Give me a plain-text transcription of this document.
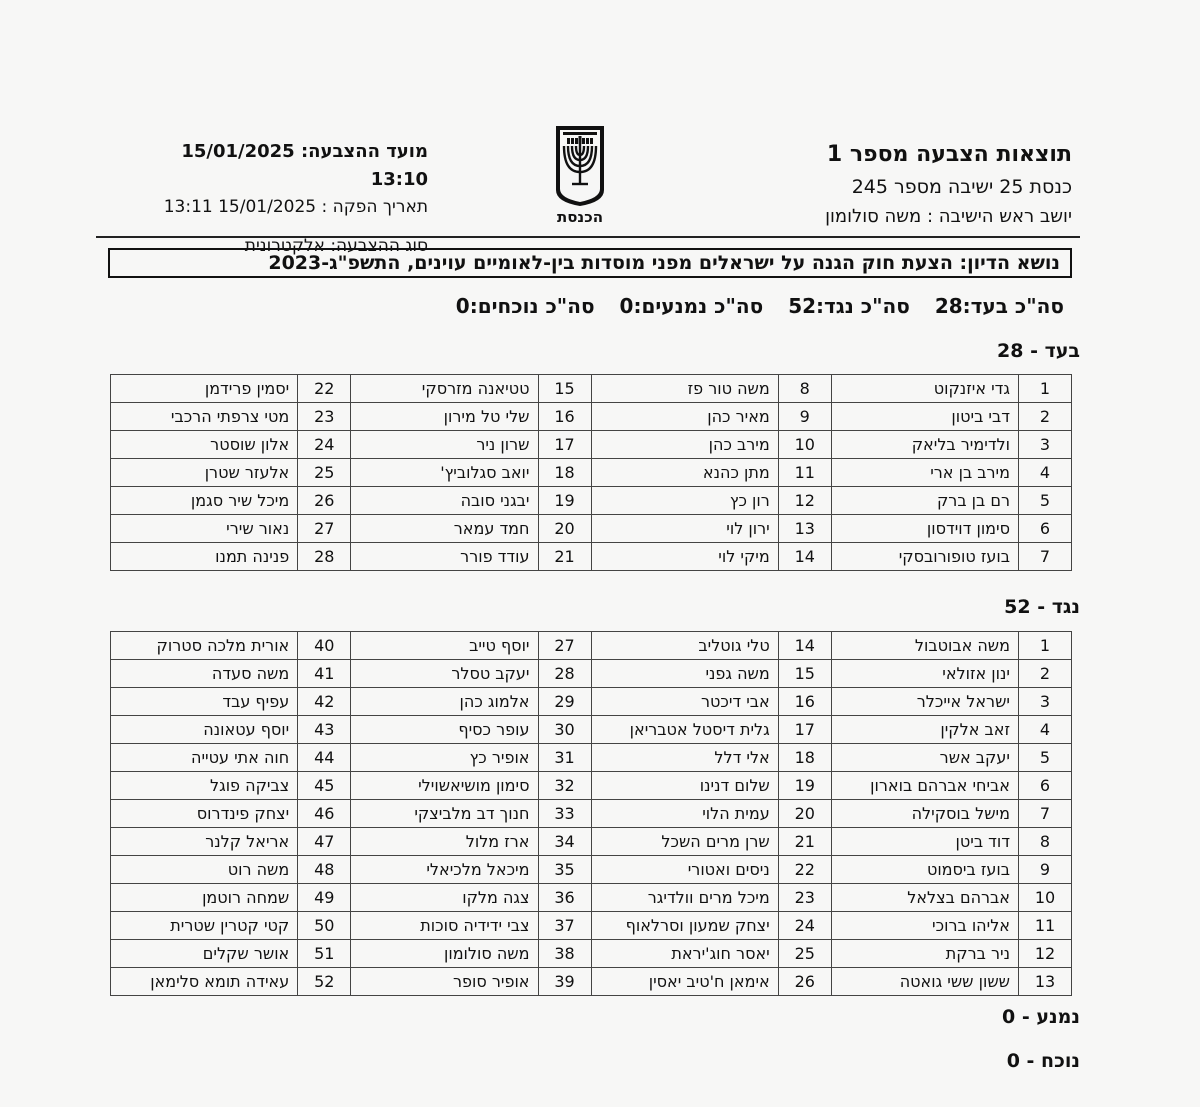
תוצאות הצבעה מספר 1
כנסת 25 ישיבה מספר 245
יושב ראש הישיבה : משה סולומון
הכנסת
מועד ההצבעה: 15/01/2025 13:10
תאריך הפקה : 15/01/2025 13:11
סוג ההצבעה: אלקטרונית
נושא הדיון: הצעת חוק הגנה על ישראלים מפני מוסדות בין-לאומיים עוינים, התשפ"ג-2023
סה"כ בעד:28 סה"כ נגד:52 סה"כ נמנעים:0 סה"כ נוכחים:0
בעד - 28
1	גדי איזנקוט	8	משה טור פז	15	טטיאנה מזרסקי	22	יסמין פרידמן
2	דבי ביטון	9	מאיר כהן	16	שלי טל מירון	23	מטי צרפתי הרכבי
3	ולדימיר בליאק	10	מירב כהן	17	שרון ניר	24	אלון שוסטר
4	מירב בן ארי	11	מתן כהנא	18	יואב סגלוביץ'	25	אלעזר שטרן
5	רם בן ברק	12	רון כץ	19	יבגני סובה	26	מיכל שיר סגמן
6	סימון דוידסון	13	ירון לוי	20	חמד עמאר	27	נאור שירי
7	בועז טופורובסקי	14	מיקי לוי	21	עודד פורר	28	פנינה תמנו
נגד - 52
1	משה אבוטבול	14	טלי גוטליב	27	יוסף טייב	40	אורית מלכה סטרוק
2	ינון אזולאי	15	משה גפני	28	יעקב טסלר	41	משה סעדה
3	ישראל אייכלר	16	אבי דיכטר	29	אלמוג כהן	42	עפיף עבד
4	זאב אלקין	17	גלית דיסטל אטבריאן	30	עופר כסיף	43	יוסף עטאונה
5	יעקב אשר	18	אלי דלל	31	אופיר כץ	44	חוה אתי עטייה
6	אביחי אברהם בוארון	19	שלום דנינו	32	סימון מושיאשוילי	45	צביקה פוגל
7	מישל בוסקילה	20	עמית הלוי	33	חנוך דב מלביצקי	46	יצחק פינדרוס
8	דוד ביטן	21	שרן מרים השכל	34	ארז מלול	47	אריאל קלנר
9	בועז ביסמוט	22	ניסים ואטורי	35	מיכאל מלכיאלי	48	משה רוט
10	אברהם בצלאל	23	מיכל מרים וולדיגר	36	צגה מלקו	49	שמחה רוטמן
11	אליהו ברוכי	24	יצחק שמעון וסרלאוף	37	צבי ידידיה סוכות	50	קטי קטרין שטרית
12	ניר ברקת	25	יאסר חוג'יראת	38	משה סולומון	51	אושר שקלים
13	ששון ששי גואטה	26	אימאן ח'טיב יאסין	39	אופיר סופר	52	עאידה תומא סלימאן
נמנע - 0
נוכח - 0
